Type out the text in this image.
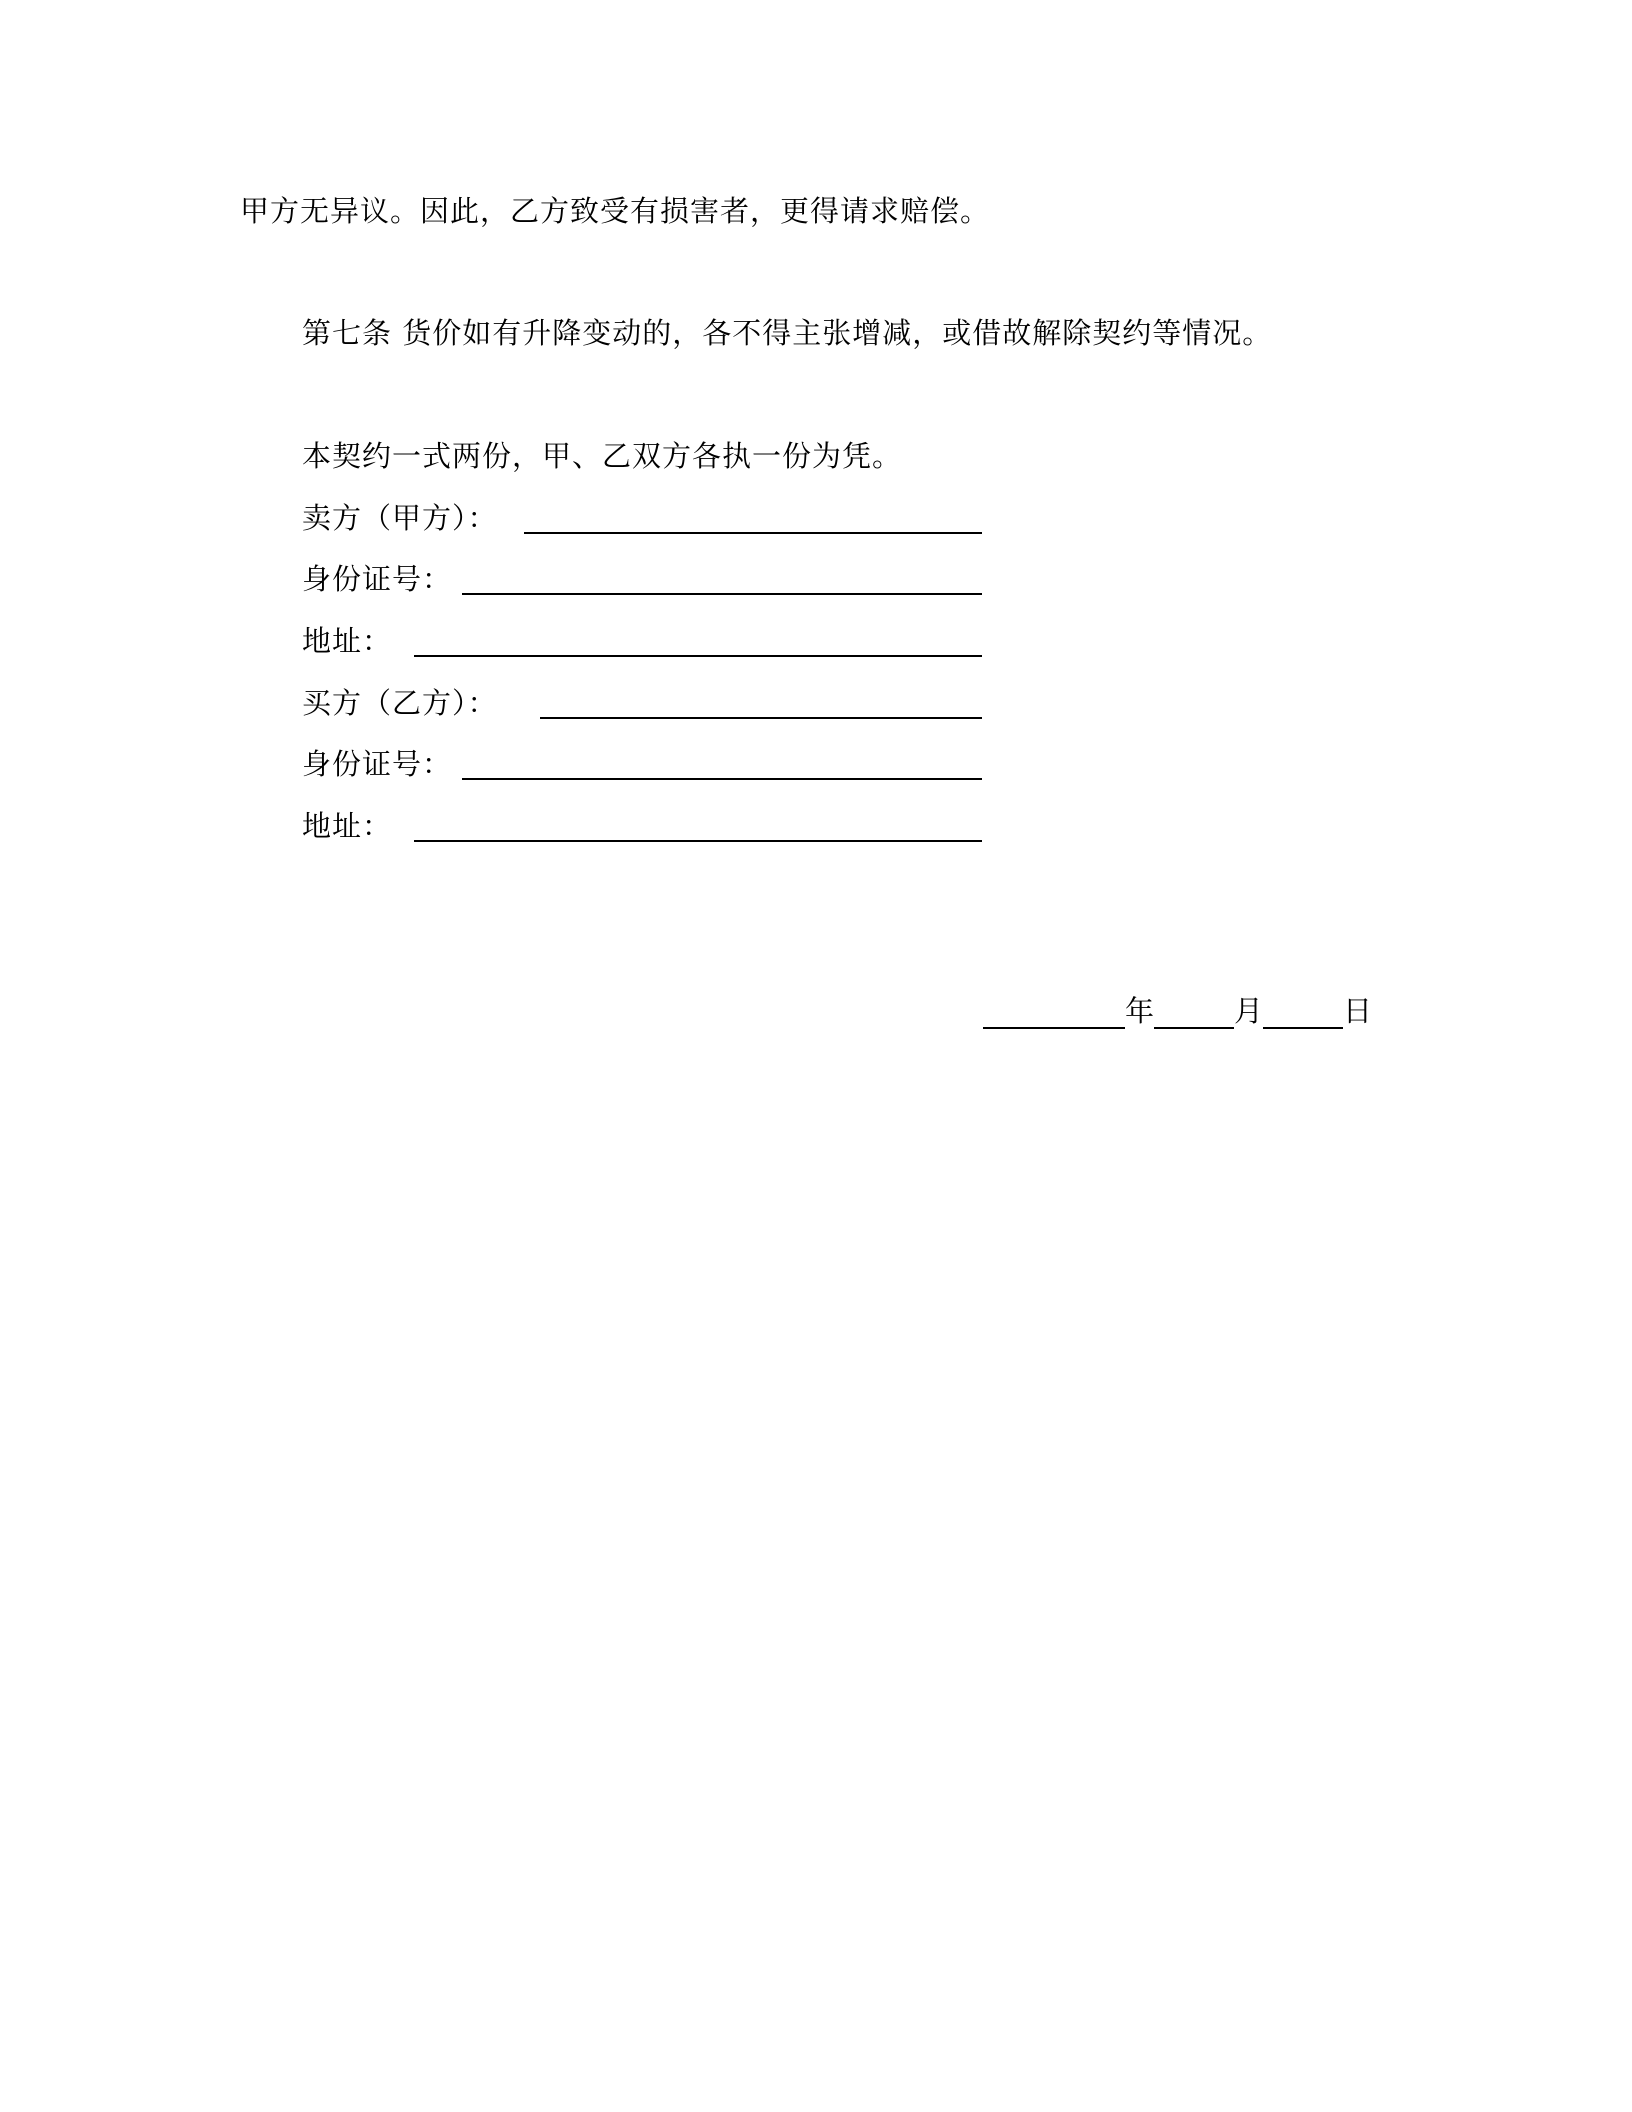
甲方无异议。因此，乙方致受有损害者，更得请求赔偿。
第七条 货价如有升降变动的，各不得主张增减，或借故解除契约等情况。
本契约一式两份，甲、乙双方各执一份为凭。
卖方（甲方）：
身份证号：
地址：
买方（乙方）：
身份证号：
地址：
年	月	日
